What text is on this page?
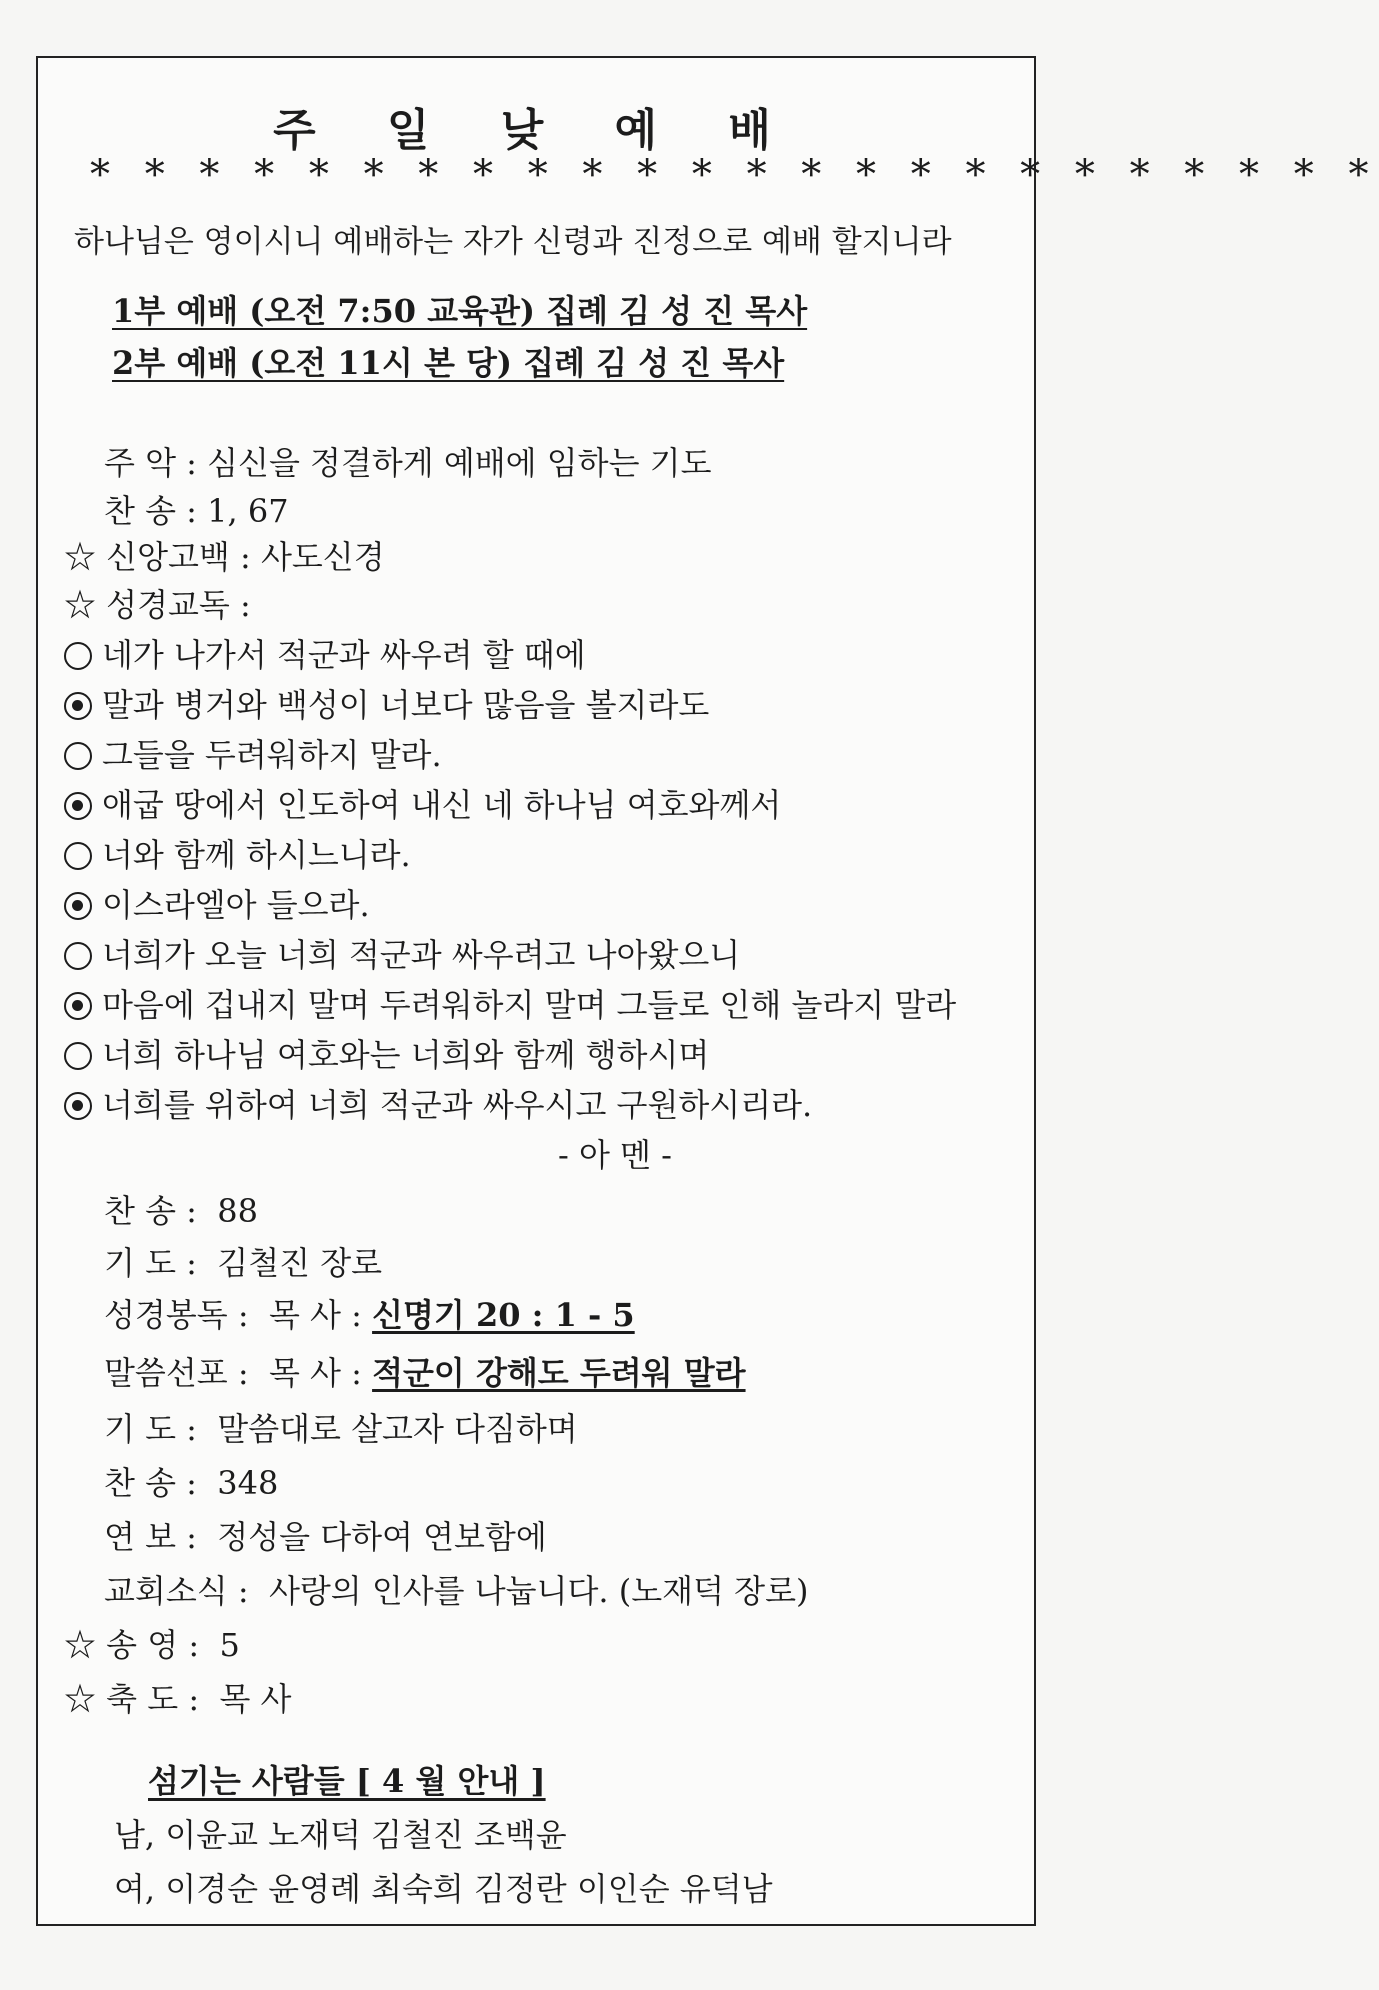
주 일 낮 예 배
* * * * * * * * * * * * * * * * * * * * * * * *
하나님은 영이시니 예배하는 자가 신령과 진정으로 예배 할지니라
1부 예배 (오전 7:50 교육관) 집례 김 성 진 목사
2부 예배 (오전 11시 본 당) 집례 김 성 진 목사
주 악 : 심신을 정결하게 예배에 임하는 기도
찬 송 : 1, 67
☆ 신앙고백 : 사도신경
☆ 성경교독 :
네가 나가서 적군과 싸우려 할 때에
말과 병거와 백성이 너보다 많음을 볼지라도
그들을 두려워하지 말라.
애굽 땅에서 인도하여 내신 네 하나님 여호와께서
너와 함께 하시느니라.
이스라엘아 들으라.
너희가 오늘 너희 적군과 싸우려고 나아왔으니
마음에 겁내지 말며 두려워하지 말며 그들로 인해 놀라지 말라
너희 하나님 여호와는 너희와 함께 행하시며
너희를 위하여 너희 적군과 싸우시고 구원하시리라.
- 아 멘 -
찬 송 :  88
기 도 :  김철진 장로
성경봉독 :  목 사 : 신명기 20 : 1 - 5
말씀선포 :  목 사 : 적군이 강해도 두려워 말라
기 도 :  말씀대로 살고자 다짐하며
찬 송 :  348
연 보 :  정성을 다하여 연보함에
교회소식 :  사랑의 인사를 나눕니다. (노재덕 장로)
☆ 송 영 :  5
☆ 축 도 :  목 사
섬기는 사람들 [ 4 월 안내 ]
남, 이윤교 노재덕 김철진 조백윤
여, 이경순 윤영례 최숙희 김정란 이인순 유덕남
